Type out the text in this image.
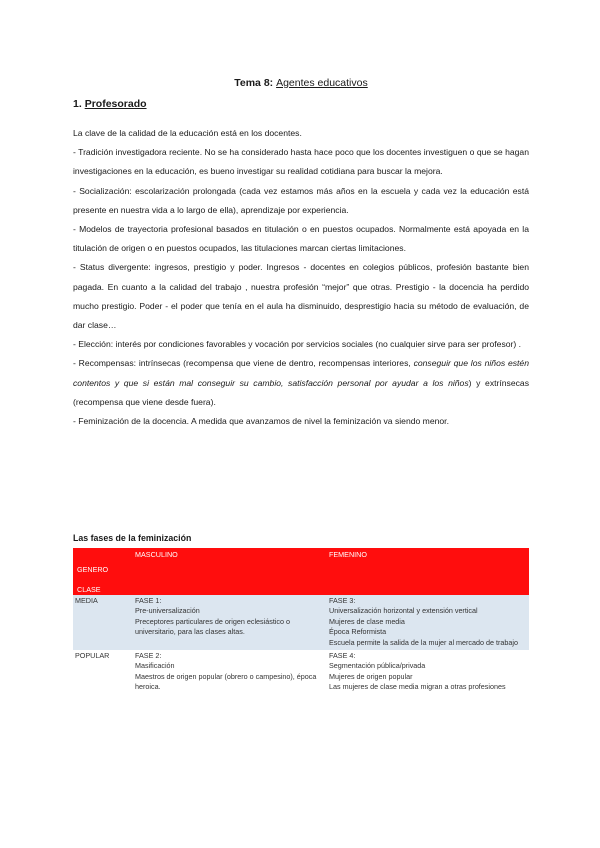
Tema 8: Agentes educativos
1. Profesorado

La clave de la calidad de la educación está en los docentes.

- Tradición investigadora reciente. No se ha considerado hasta hace poco que los docentes investiguen o que se hagan investigaciones en la educación, es bueno investigar su realidad cotidiana para buscar la mejora.

- Socialización: escolarización prolongada (cada vez estamos más años en la escuela y cada vez la educación está presente en nuestra vida a lo largo de ella), aprendizaje por experiencia.

- Modelos de trayectoria profesional basados en titulación o en puestos ocupados. Normalmente está apoyada en la titulación de origen o en puestos ocupados, las titulaciones marcan ciertas limitaciones.

- Status divergente: ingresos, prestigio y poder. Ingresos - docentes en colegios públicos, profesión bastante bien pagada. En cuanto a la calidad del trabajo , nuestra profesión “mejor” que otras. Prestigio - la docencia ha perdido mucho prestigio. Poder - el poder que tenía en el aula ha disminuido, desprestigio hacia su método de evaluación, de dar clase…

- Elección: interés por condiciones favorables y vocación por servicios sociales (no cualquier sirve para ser profesor) .

- Recompensas: intrínsecas (recompensa que viene de dentro, recompensas interiores, conseguir que los niños estén contentos y que si están mal conseguir su cambio, satisfacción personal por ayudar a los niños) y extrínsecas (recompensa que viene desde fuera).

- Feminización de la docencia. A medida que avanzamos de nivel la feminización va siendo menor.

Las fases de la feminización
GENERO
CLASE	MASCULINO	FEMENINO

MEDIA	FASE 1:
Pre-universalización
Preceptores particulares de origen eclesiástico o universitario, para las clases altas.	FASE 3:
Universalización horizontal y extensión vertical
Mujeres de clase media
Época Reformista
Escuela permite la salida de la mujer al mercado de trabajo

POPULAR	FASE 2:
Masificación
Maestros de origen popular (obrero o campesino), época heroica.	FASE 4:
Segmentación pública/privada
Mujeres de origen popular
Las mujeres de clase media migran a otras profesiones
